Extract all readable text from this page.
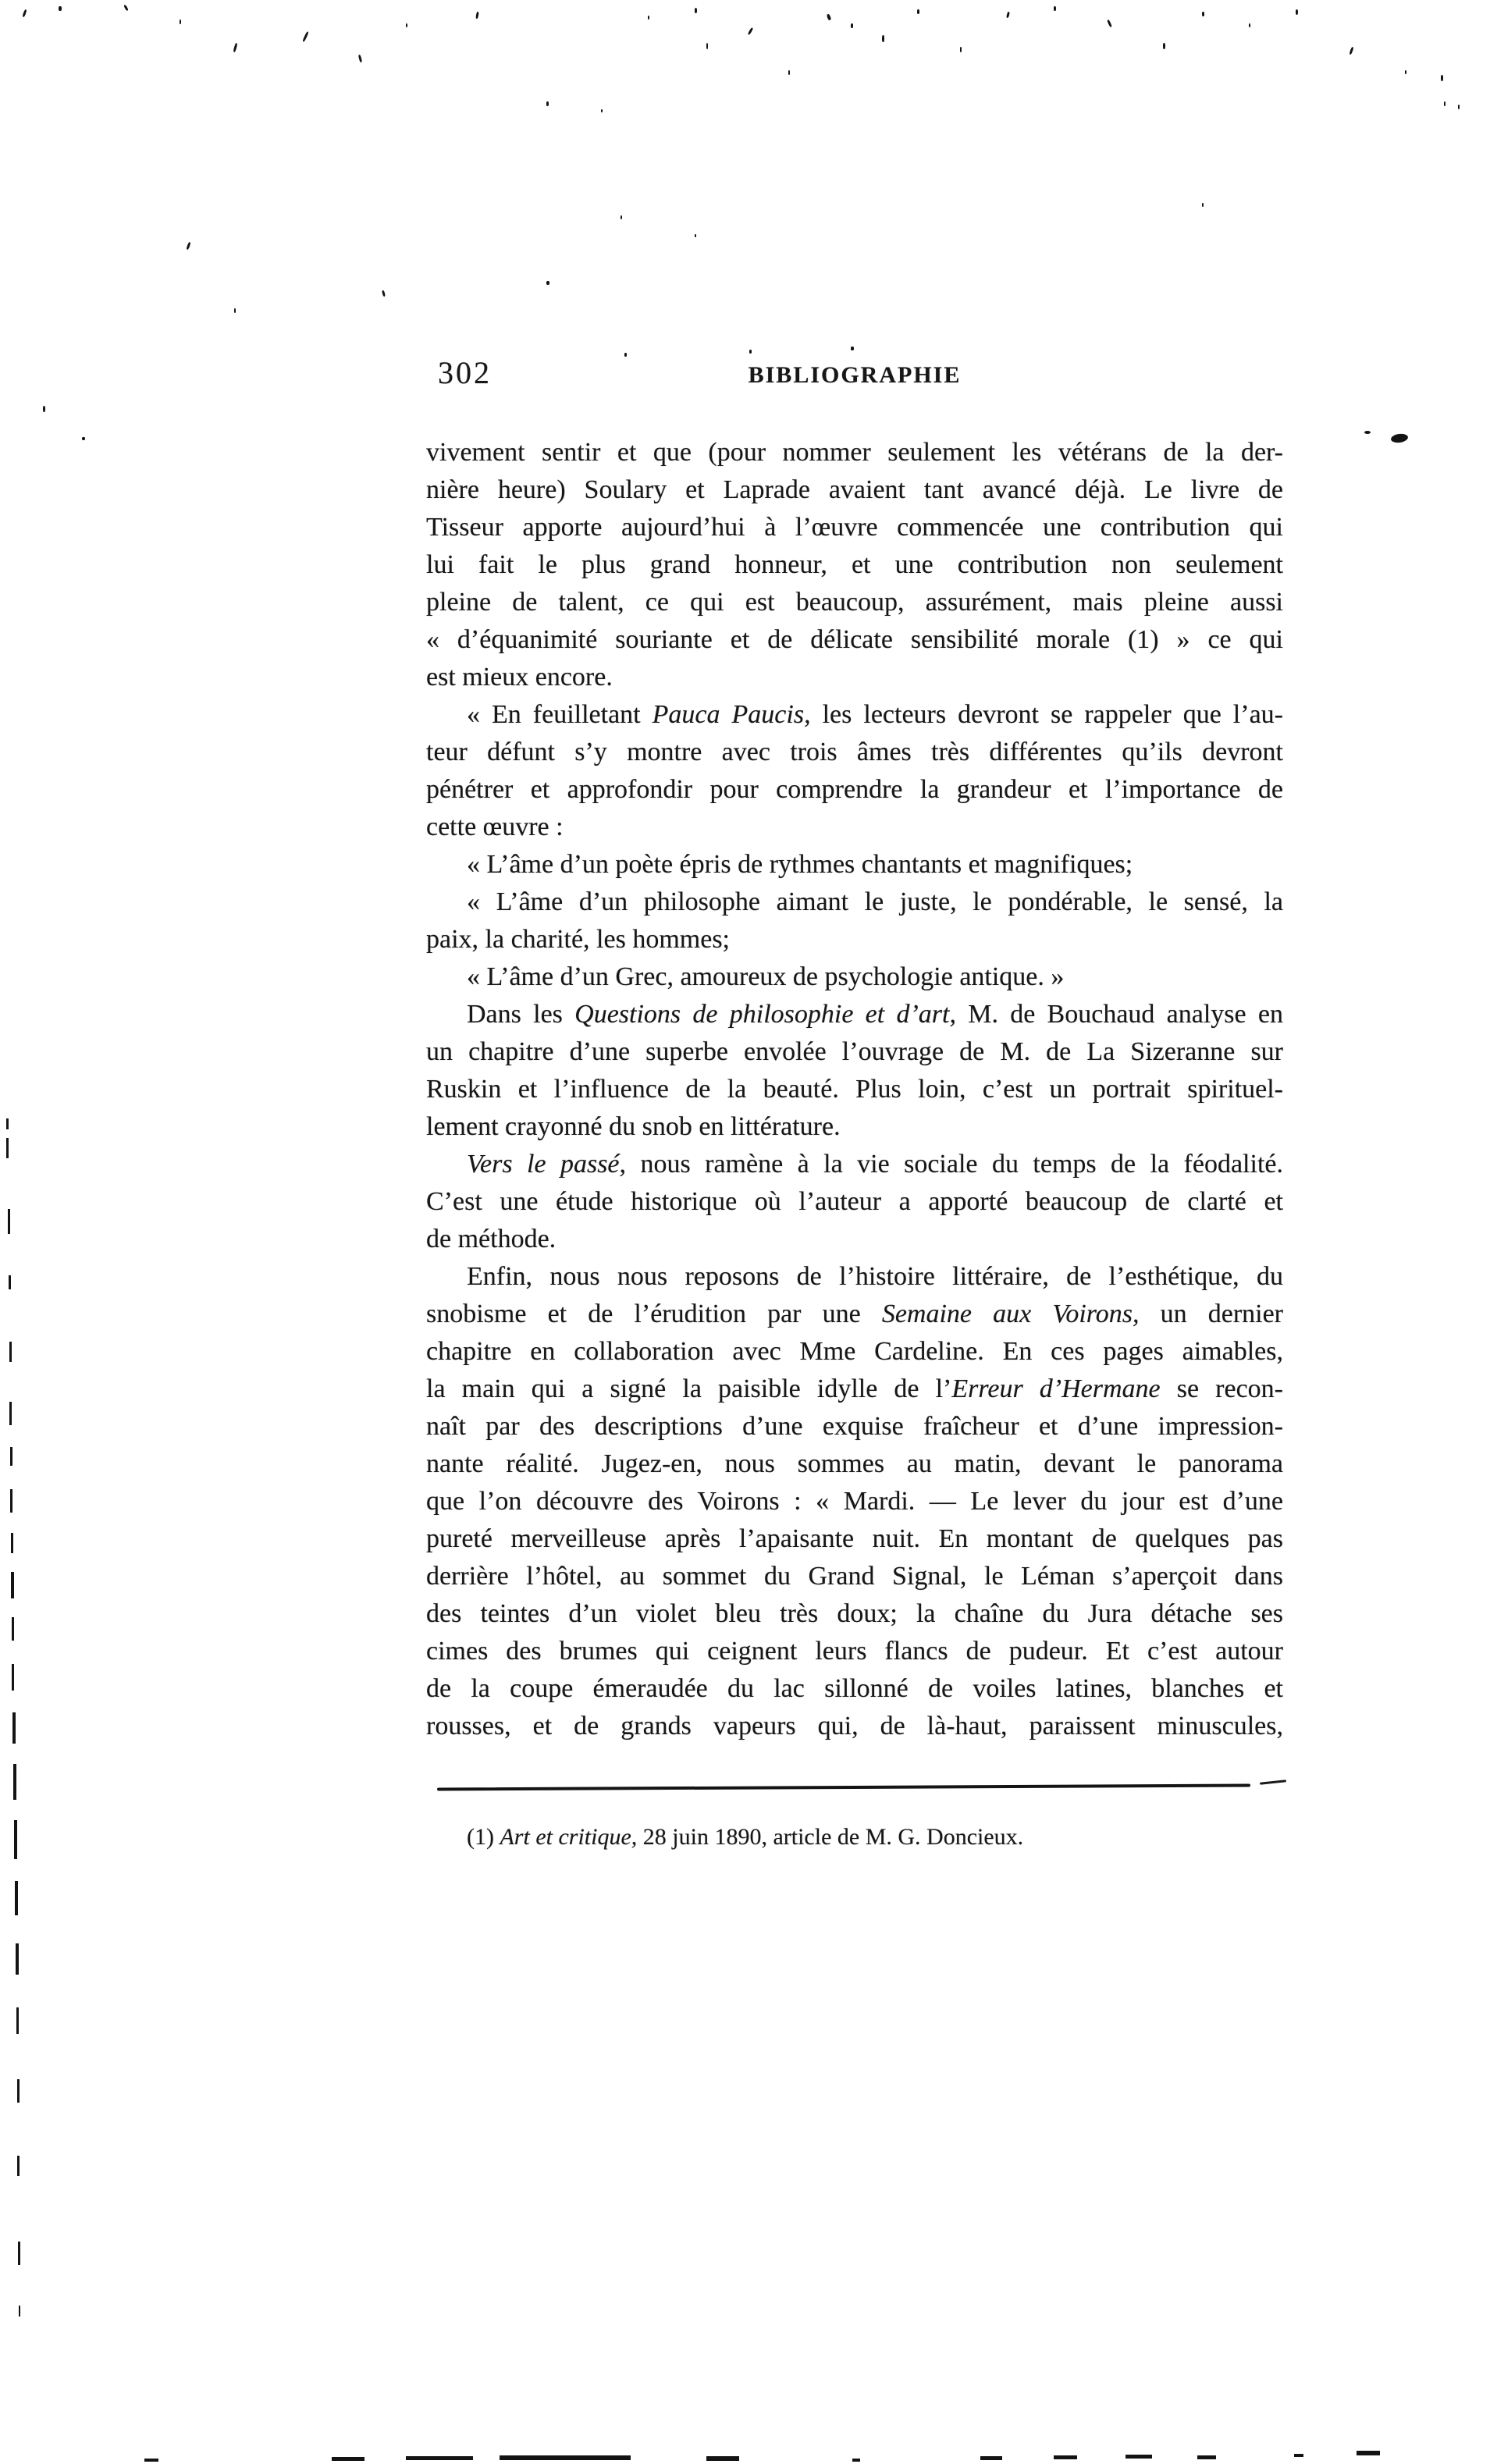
302	BIBLIOGRAPHIE
vivement sentir et que (pour nommer seulement les vétérans de la der-
nière heure) Soulary et Laprade avaient tant avancé déjà. Le livre de
Tisseur apporte aujourd’hui à l’œuvre commencée une contribution qui
lui fait le plus grand honneur, et une contribution non seulement
pleine de talent, ce qui est beaucoup, assurément, mais pleine aussi
« d’équanimité souriante et de délicate sensibilité morale (1) » ce qui
est mieux encore.
« En feuilletant Pauca Paucis, les lecteurs devront se rappeler que l’au-
teur défunt s’y montre avec trois âmes très différentes qu’ils devront
pénétrer et approfondir pour comprendre la grandeur et l’importance de
cette œuvre :
« L’âme d’un poète épris de rythmes chantants et magnifiques;
« L’âme d’un philosophe aimant le juste, le pondérable, le sensé, la
paix, la charité, les hommes;
« L’âme d’un Grec, amoureux de psychologie antique. »
Dans les Questions de philosophie et d’art, M. de Bouchaud analyse en
un chapitre d’une superbe envolée l’ouvrage de M. de La Sizeranne sur
Ruskin et l’influence de la beauté. Plus loin, c’est un portrait spirituel-
lement crayonné du snob en littérature.
Vers le passé, nous ramène à la vie sociale du temps de la féodalité.
C’est une étude historique où l’auteur a apporté beaucoup de clarté et
de méthode.
Enfin, nous nous reposons de l’histoire littéraire, de l’esthétique, du
snobisme et de l’érudition par une Semaine aux Voirons, un dernier
chapitre en collaboration avec Mme Cardeline. En ces pages aimables,
la main qui a signé la paisible idylle de l’Erreur d’Hermane se recon-
naît par des descriptions d’une exquise fraîcheur et d’une impression-
nante réalité. Jugez-en, nous sommes au matin, devant le panorama
que l’on découvre des Voirons : « Mardi. — Le lever du jour est d’une
pureté merveilleuse après l’apaisante nuit. En montant de quelques pas
derrière l’hôtel, au sommet du Grand Signal, le Léman s’aperçoit dans
des teintes d’un violet bleu très doux; la chaîne du Jura détache ses
cimes des brumes qui ceignent leurs flancs de pudeur. Et c’est autour
de la coupe émeraudée du lac sillonné de voiles latines, blanches et
rousses, et de grands vapeurs qui, de là-haut, paraissent minuscules,
(1) Art et critique, 28 juin 1890, article de M. G. Doncieux.
